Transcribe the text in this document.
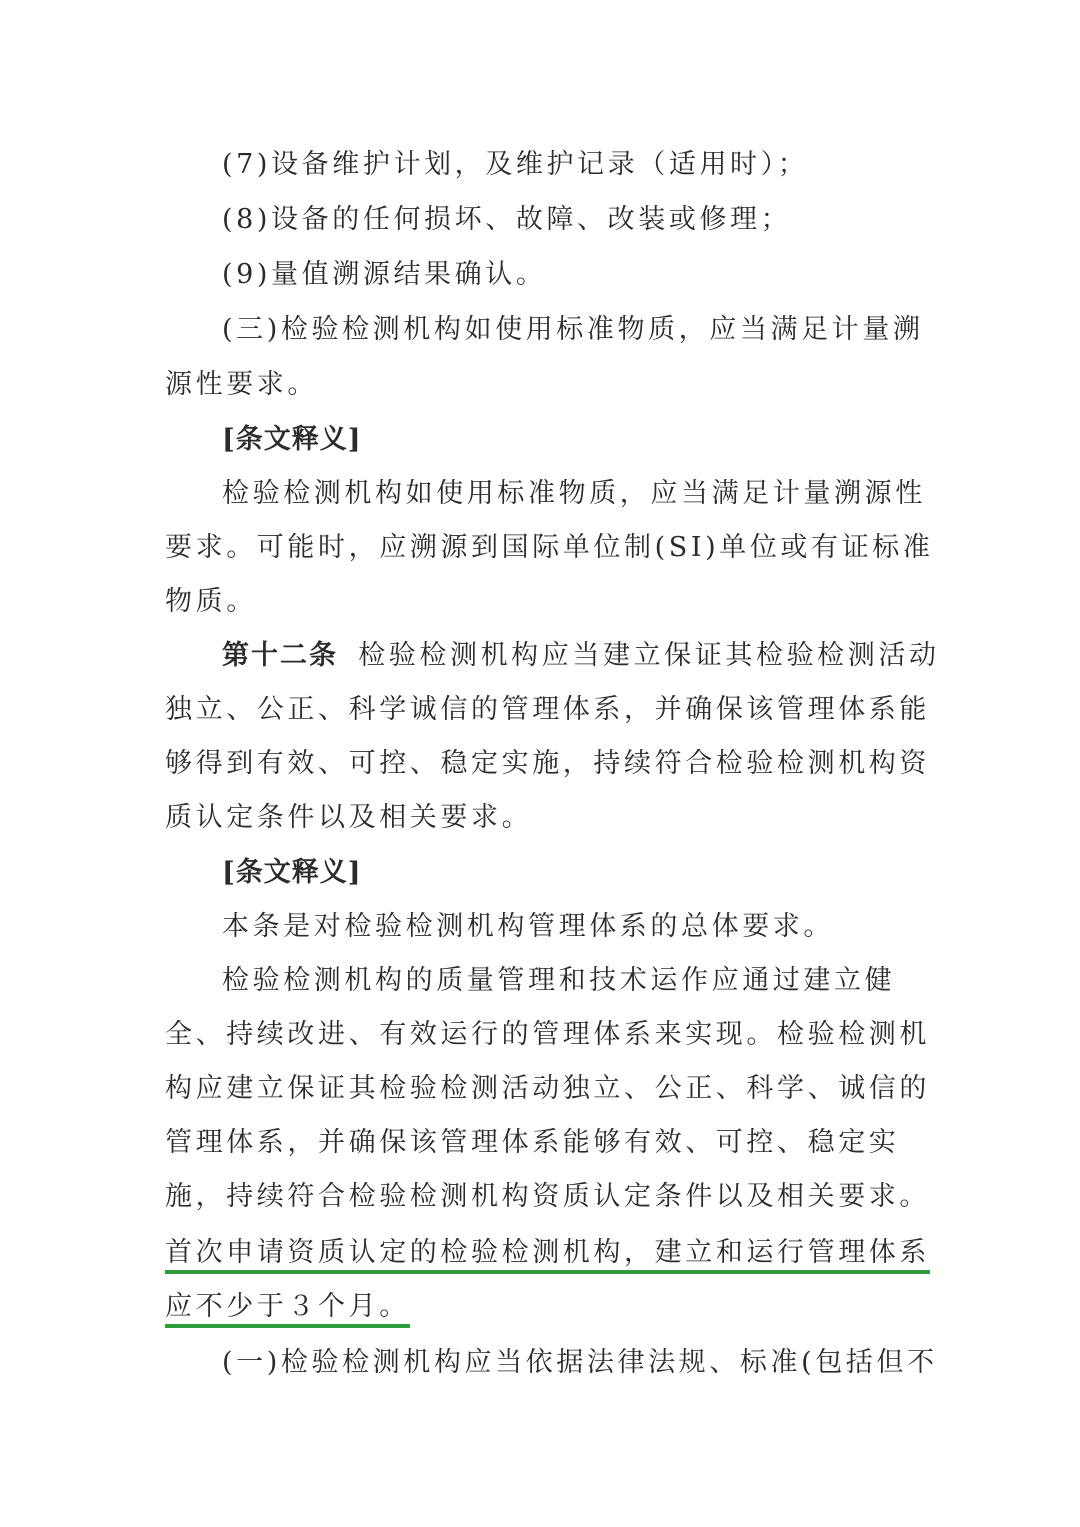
(7)设备维护计划，及维护记录（适用时）；
(8)设备的任何损坏、故障、改装或修理；
(9)量值溯源结果确认。
(三)检验检测机构如使用标准物质，应当满足计量溯
源性要求。
[条文释义]
检验检测机构如使用标准物质，应当满足计量溯源性
要求。可能时，应溯源到国际单位制(SI)单位或有证标准
物质。
第十二条 检验检测机构应当建立保证其检验检测活动
独立、公正、科学诚信的管理体系，并确保该管理体系能
够得到有效、可控、稳定实施，持续符合检验检测机构资
质认定条件以及相关要求。
[条文释义]
本条是对检验检测机构管理体系的总体要求。
检验检测机构的质量管理和技术运作应通过建立健
全、持续改进、有效运行的管理体系来实现。检验检测机
构应建立保证其检验检测活动独立、公正、科学、诚信的
管理体系，并确保该管理体系能够有效、可控、稳定实
施，持续符合检验检测机构资质认定条件以及相关要求。
首次申请资质认定的检验检测机构，建立和运行管理体系
应不少于３个月。
(一)检验检测机构应当依据法律法规、标准(包括但不
